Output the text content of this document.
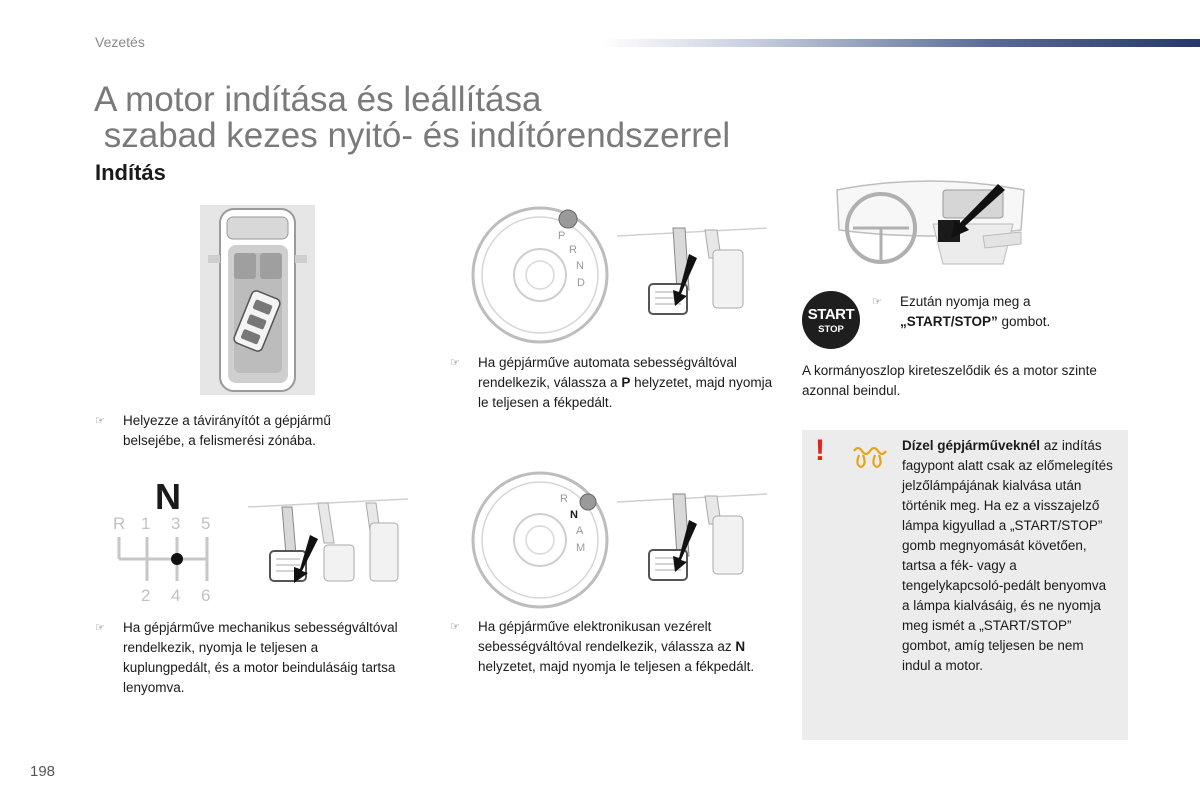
Vezetés
A motor indítása és leállítása
szabad kezes nyitó- és indítórendszerrel
Indítás
☞	Helyezze a távirányítót a gépjármű belsejébe, a felismerési zónába.
P
R
N
D
☞	Ha gépjárműve automata sebességváltóval rendelkezik, válassza a P helyzetet, majd nyomja le teljesen a fékpedált.
START
STOP
☞	Ezután nyomja meg a „START/STOP” gombot.
A kormányoszlop kireteszelődik és a motor szinte azonnal beindul.
!	Dízel gépjárműveknél az indítás fagypont alatt csak az előmelegítés jelzőlámpájának kialvása után történik meg. Ha ez a visszajelző lámpa kigyullad a „START/STOP” gomb megnyomását követően, tartsa a fék- vagy a tengelykapcsoló-pedált benyomva a lámpa kialvásáig, és ne nyomja meg ismét a „START/STOP” gombot, amíg teljesen be nem indul a motor.
N
R 1 3 5
2 4 6
☞	Ha gépjárműve mechanikus sebességváltóval rendelkezik, nyomja le teljesen a kuplungpedált, és a motor beindulásáig tartsa lenyomva.
R
N
A
M
☞	Ha gépjárműve elektronikusan vezérelt sebességváltóval rendelkezik, válassza az N helyzetet, majd nyomja le teljesen a fékpedált.
198
